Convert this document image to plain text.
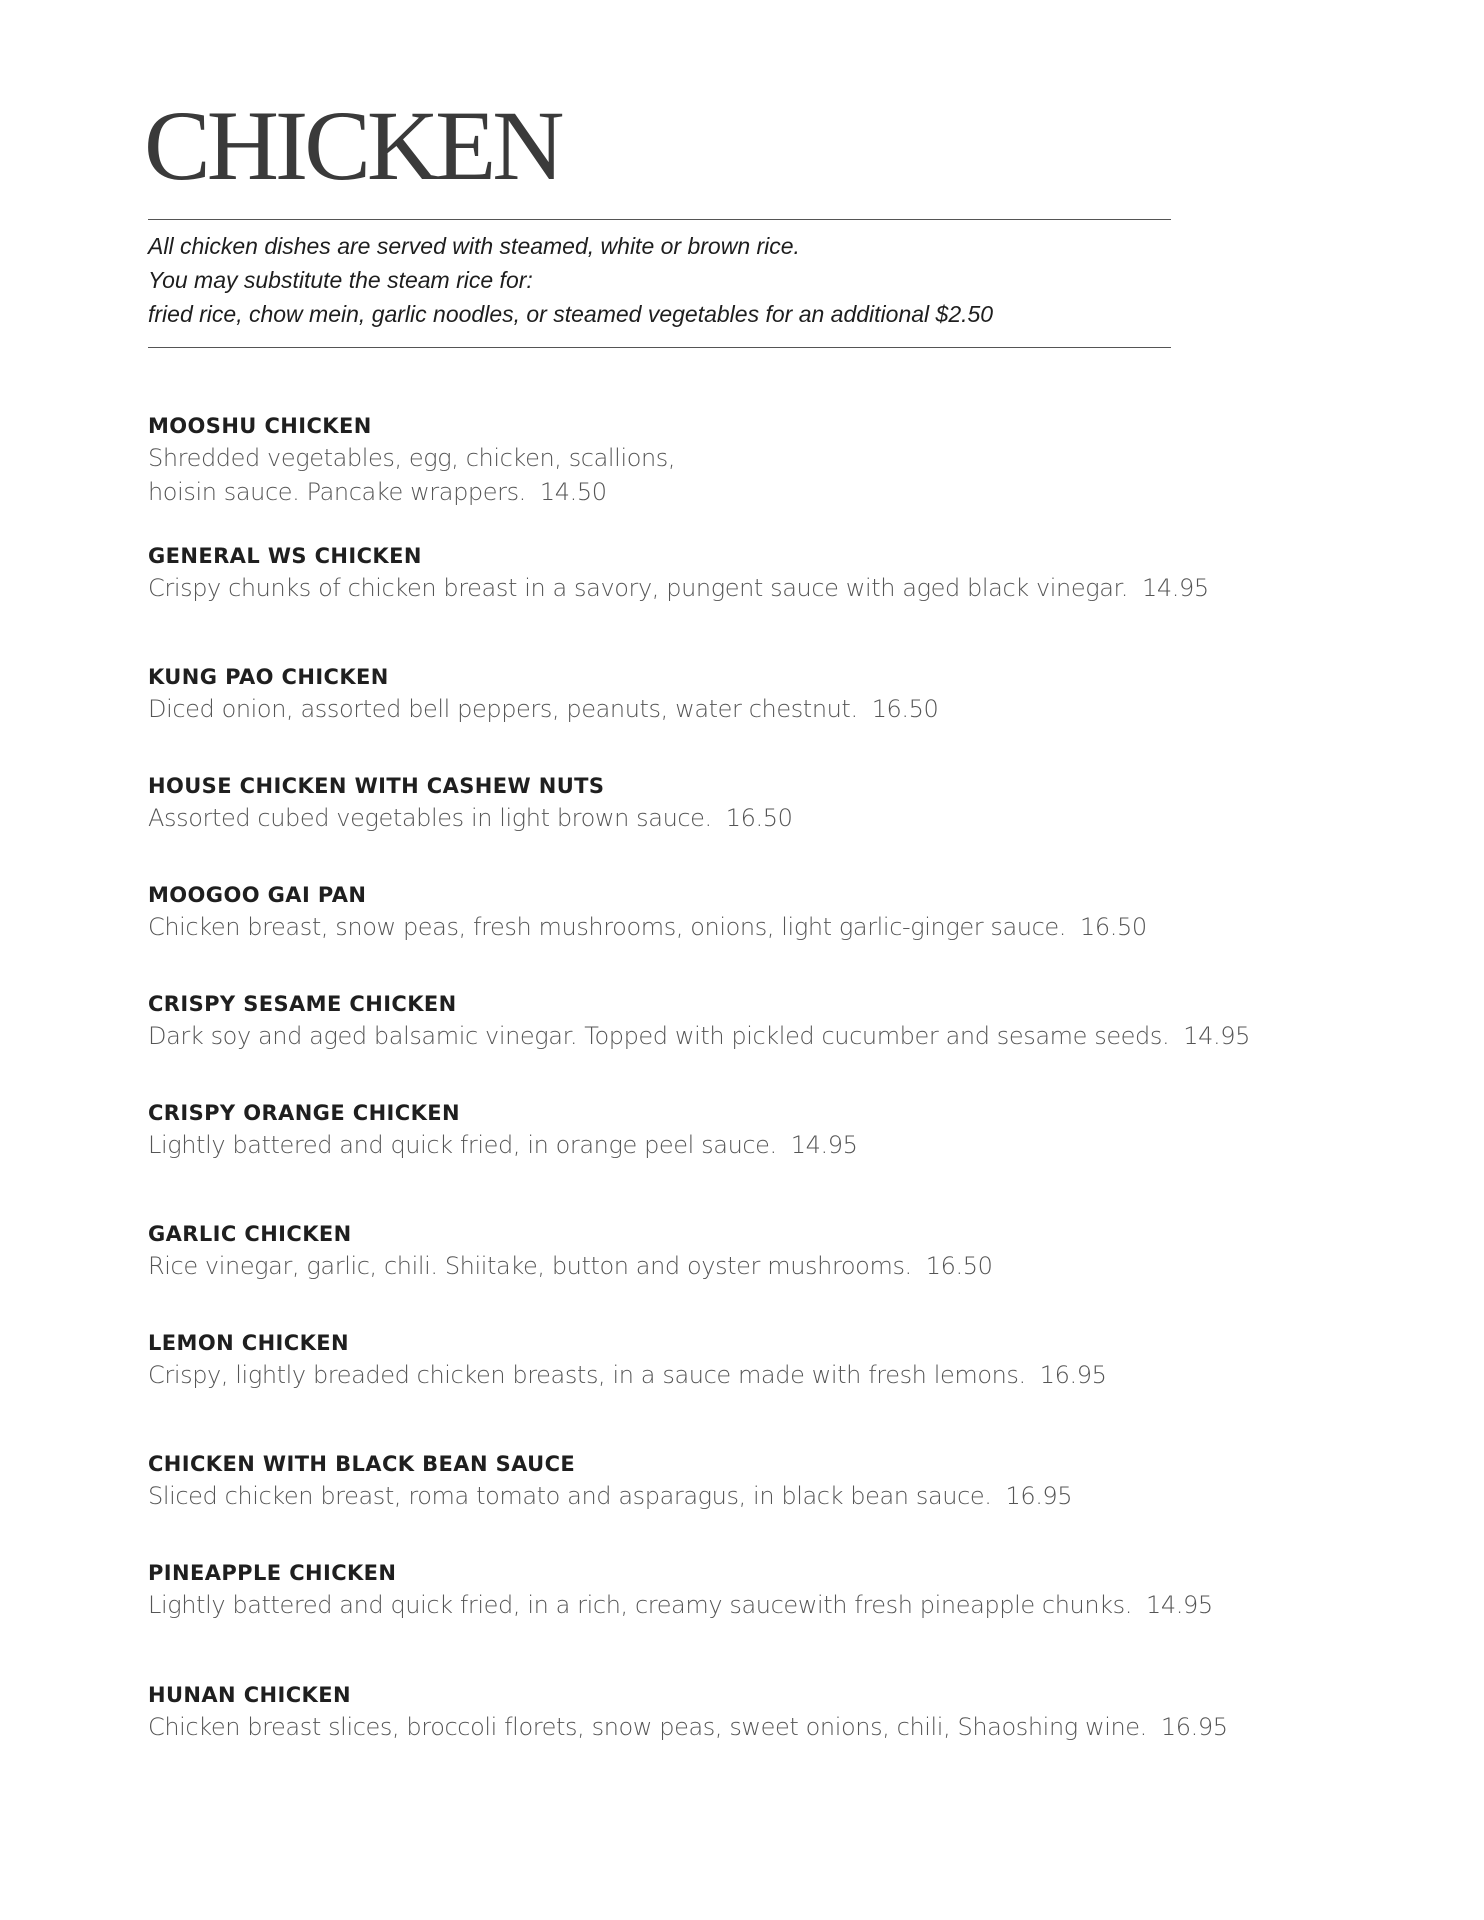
CHICKEN
All chicken dishes are served with steamed, white or brown rice.
You may substitute the steam rice for:
fried rice, chow mein, garlic noodles, or steamed vegetables for an additional $2.50
MOOSHU CHICKEN
Shredded vegetables, egg, chicken, scallions,
hoisin sauce. Pancake wrappers. 14.50
GENERAL WS CHICKEN
Crispy chunks of chicken breast in a savory, pungent sauce with aged black vinegar. 14.95
KUNG PAO CHICKEN
Diced onion, assorted bell peppers, peanuts, water chestnut. 16.50
HOUSE CHICKEN WITH CASHEW NUTS
Assorted cubed vegetables in light brown sauce. 16.50
MOOGOO GAI PAN
Chicken breast, snow peas, fresh mushrooms, onions, light garlic-ginger sauce. 16.50
CRISPY SESAME CHICKEN
Dark soy and aged balsamic vinegar. Topped with pickled cucumber and sesame seeds. 14.95
CRISPY ORANGE CHICKEN
Lightly battered and quick fried, in orange peel sauce. 14.95
GARLIC CHICKEN
Rice vinegar, garlic, chili. Shiitake, button and oyster mushrooms. 16.50
LEMON CHICKEN
Crispy, lightly breaded chicken breasts, in a sauce made with fresh lemons. 16.95
CHICKEN WITH BLACK BEAN SAUCE
Sliced chicken breast, roma tomato and asparagus, in black bean sauce. 16.95
PINEAPPLE CHICKEN
Lightly battered and quick fried, in a rich, creamy saucewith fresh pineapple chunks. 14.95
HUNAN CHICKEN
Chicken breast slices, broccoli florets, snow peas, sweet onions, chili, Shaoshing wine. 16.95
